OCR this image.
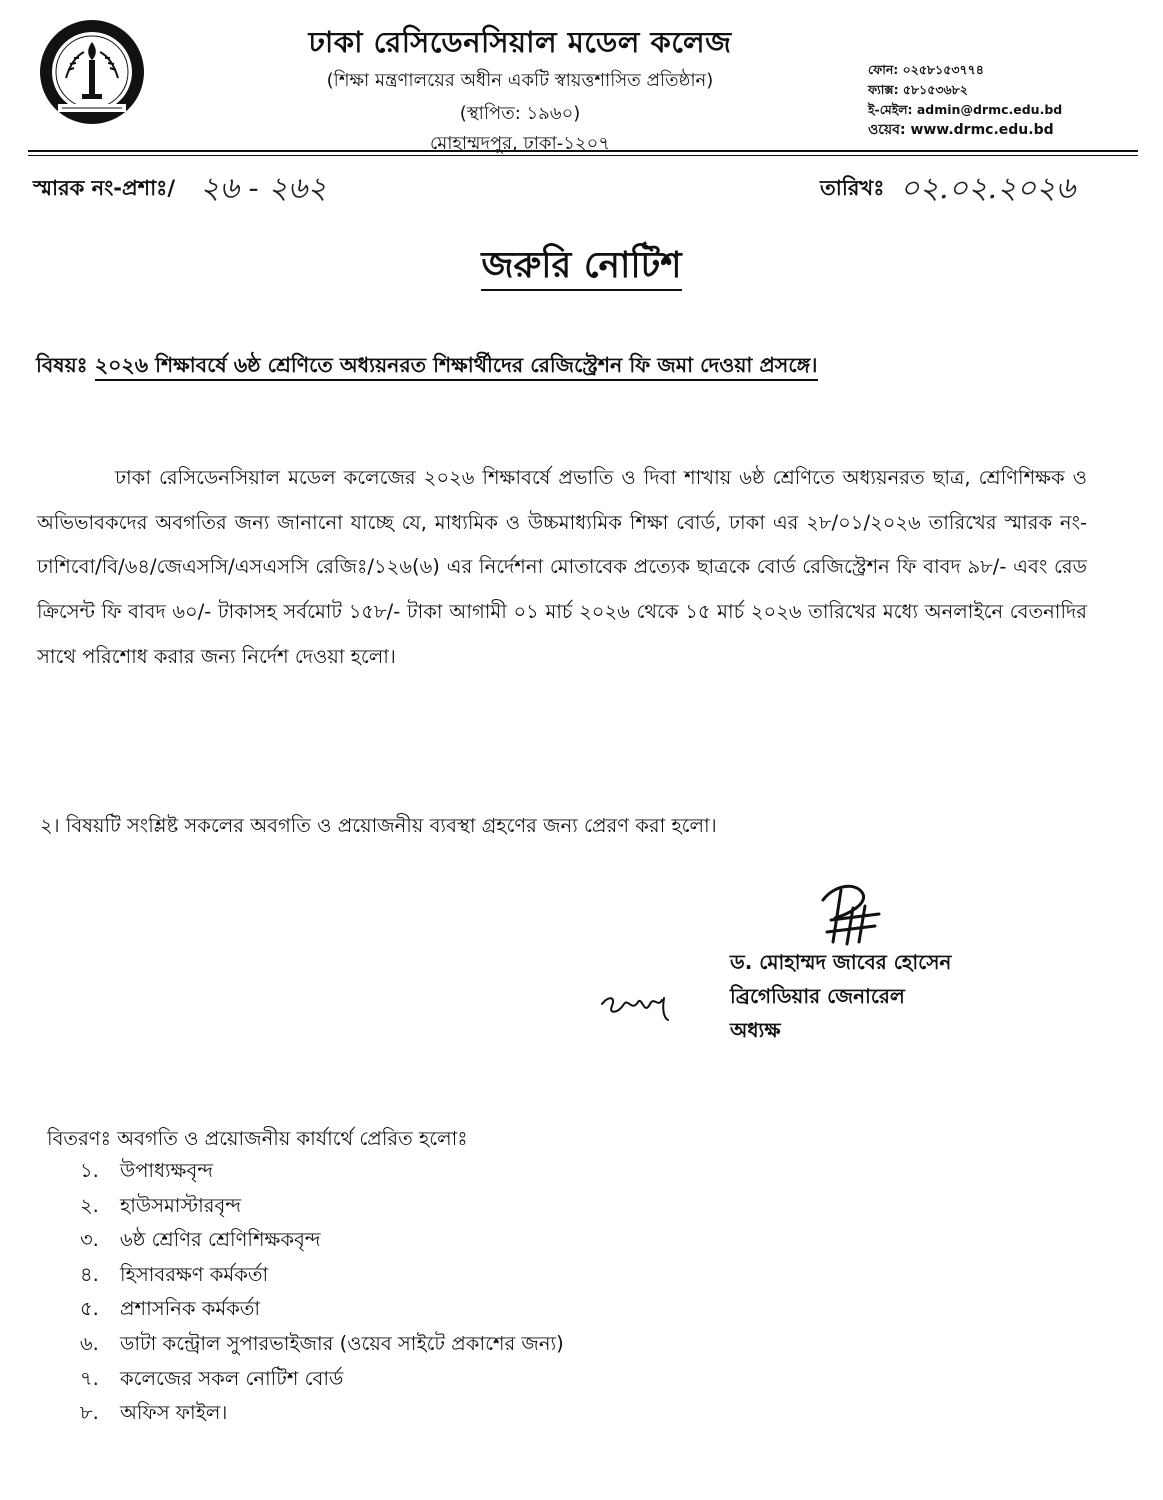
ঢাকা রেসিডেনসিয়াল মডেল কলেজ
(শিক্ষা মন্ত্রণালয়ের অধীন একটি স্বায়ত্তশাসিত প্রতিষ্ঠান)
(স্থাপিত: ১৯৬০)
মোহাম্মদপুর, ঢাকা-১২০৭
ফোন: ০২৫৮১৫৩৭৭৪
ফ্যাক্স: ৫৮১৫৩৬৮২
ই-মেইল: admin@drmc.edu.bd
ওয়েব: www.drmc.edu.bd
স্মারক নং-প্রশাঃ/ ২৬ - ২৬২	তারিখঃ ০২.০২.২০২৬
জরুরি নোটিশ
বিষয়ঃ ২০২৬ শিক্ষাবর্ষে ৬ষ্ঠ শ্রেণিতে অধ্যয়নরত শিক্ষার্থীদের রেজিস্ট্রেশন ফি জমা দেওয়া প্রসঙ্গে।
ঢাকা রেসিডেনসিয়াল মডেল কলেজের ২০২৬ শিক্ষাবর্ষে প্রভাতি ও দিবা শাখায় ৬ষ্ঠ শ্রেণিতে অধ্যয়নরত ছাত্র, শ্রেণিশিক্ষক ও অভিভাবকদের অবগতির জন্য জানানো যাচ্ছে যে, মাধ্যমিক ও উচ্চমাধ্যমিক শিক্ষা বোর্ড, ঢাকা এর ২৮/০১/২০২৬ তারিখের স্মারক নং-ঢাশিবো/বি/৬৪/জেএসসি/এসএসসি রেজিঃ/১২৬(৬) এর নির্দেশনা মোতাবেক প্রত্যেক ছাত্রকে বোর্ড রেজিস্ট্রেশন ফি বাবদ ৯৮/- এবং রেড ক্রিসেন্ট ফি বাবদ ৬০/- টাকাসহ সর্বমোট ১৫৮/- টাকা আগামী ০১ মার্চ ২০২৬ থেকে ১৫ মার্চ ২০২৬ তারিখের মধ্যে অনলাইনে বেতনাদির সাথে পরিশোধ করার জন্য নির্দেশ দেওয়া হলো।
২। বিষয়টি সংশ্লিষ্ট সকলের অবগতি ও প্রয়োজনীয় ব্যবস্থা গ্রহণের জন্য প্রেরণ করা হলো।
ড. মোহাম্মদ জাবের হোসেন
ব্রিগেডিয়ার জেনারেল
অধ্যক্ষ
বিতরণঃ অবগতি ও প্রয়োজনীয় কার্যার্থে প্রেরিত হলোঃ
১. উপাধ্যক্ষবৃন্দ
২. হাউসমাস্টারবৃন্দ
৩. ৬ষ্ঠ শ্রেণির শ্রেণিশিক্ষকবৃন্দ
৪. হিসাবরক্ষণ কর্মকর্তা
৫. প্রশাসনিক কর্মকর্তা
৬. ডাটা কন্ট্রোল সুপারভাইজার (ওয়েব সাইটে প্রকাশের জন্য)
৭. কলেজের সকল নোটিশ বোর্ড
৮. অফিস ফাইল।
